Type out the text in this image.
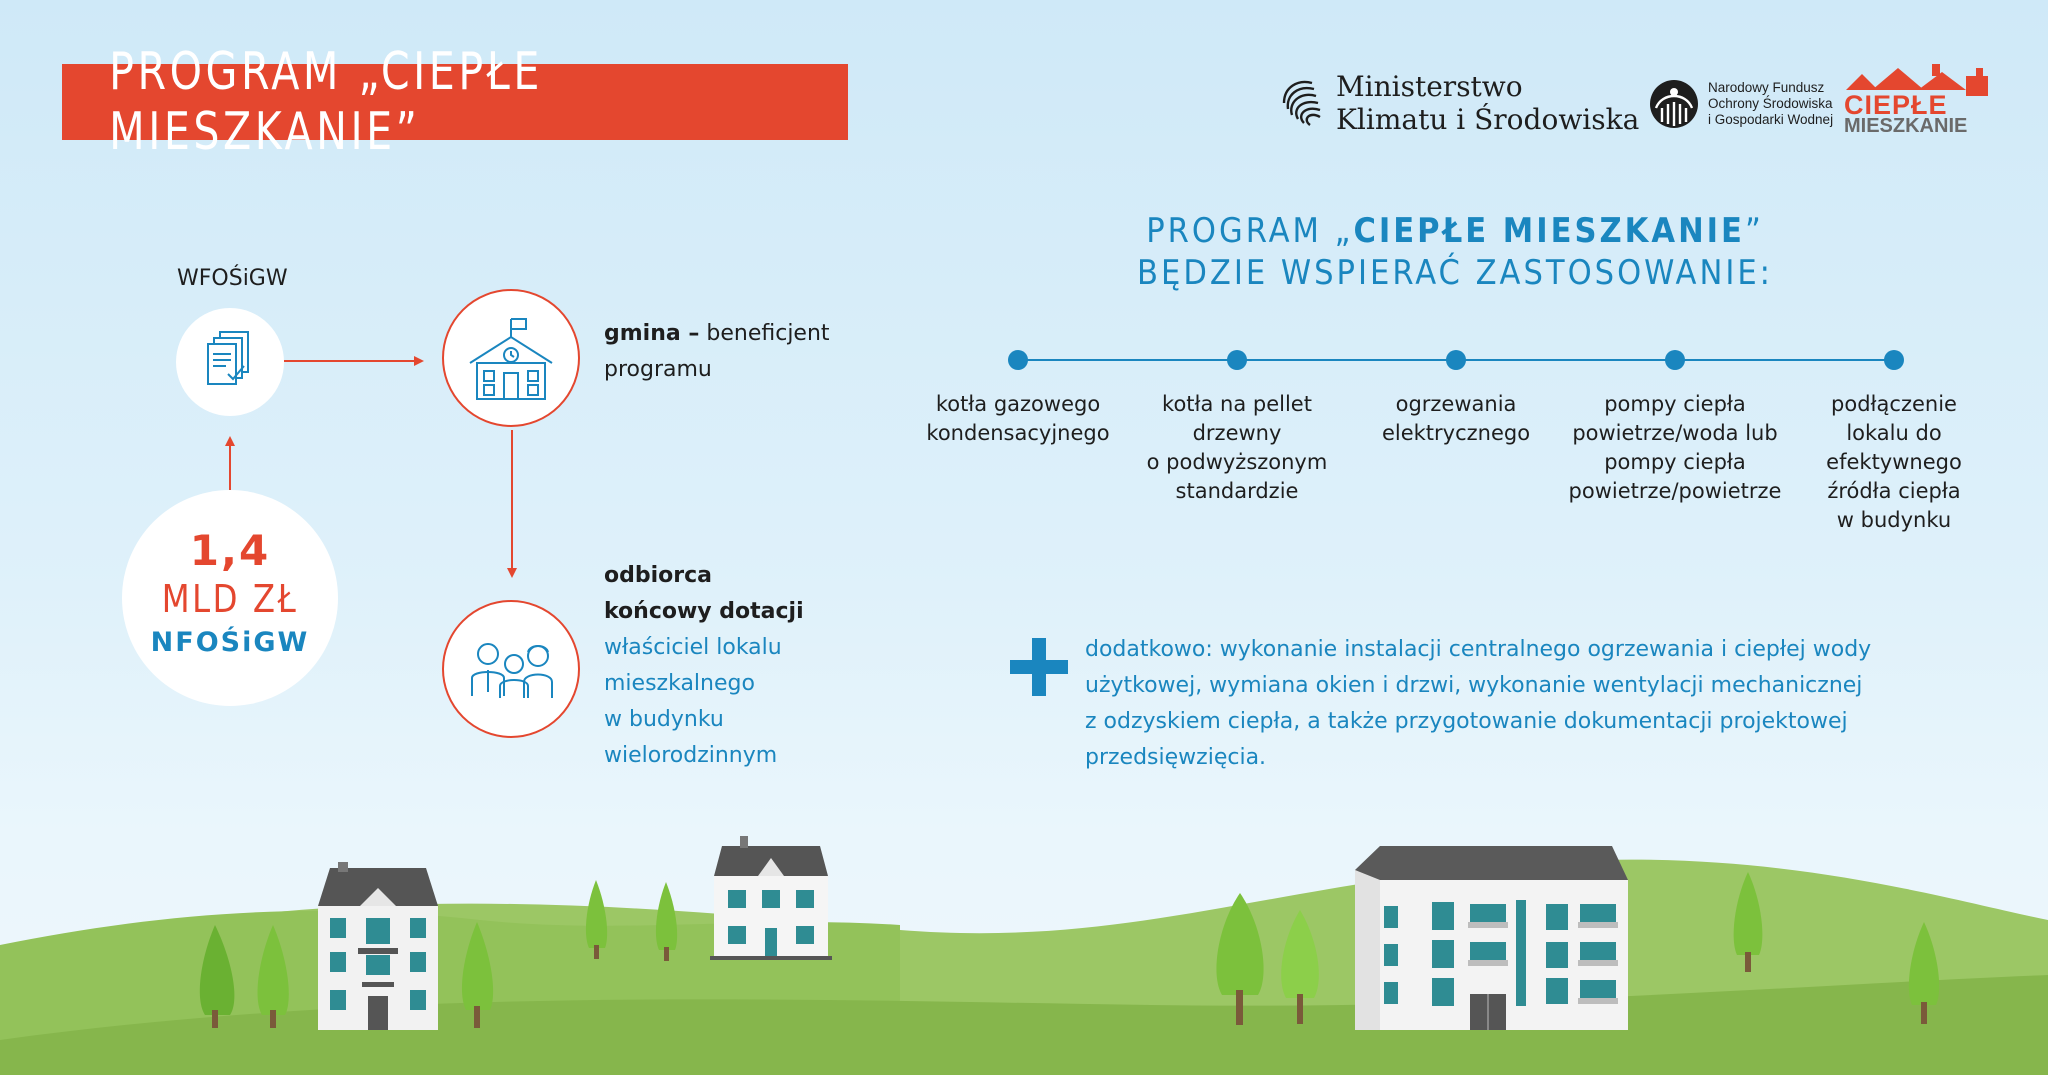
PROGRAM „CIEPŁE MIESZKANIE”
Ministerstwo
Klimatu i Środowiska
Narodowy Fundusz
Ochrony Środowiska
i Gospodarki Wodnej CIEPŁE
MIESZKANIE
WFOŚiGW
1,4
MLD ZŁ
NFOŚiGW
gmina – beneficjent
programu
odbiorca
końcowy dotacji
właściciel lokalu
mieszkalnego
w budynku
wielorodzinnym
PROGRAM „CIEPŁE MIESZKANIE”
BĘDZIE WSPIERAĆ ZASTOSOWANIE:
kotła gazowego
kondensacyjnego
kotła na pellet
drzewny
o podwyższonym
standardzie
ogrzewania
elektrycznego
pompy ciepła
powietrze/woda lub
pompy ciepła
powietrze/powietrze
podłączenie
lokalu do
efektywnego
źródła ciepła
w budynku
dodatkowo: wykonanie instalacji centralnego ogrzewania i ciepłej wody
użytkowej, wymiana okien i drzwi, wykonanie wentylacji mechanicznej
z odzyskiem ciepła, a także przygotowanie dokumentacji projektowej
przedsięwzięcia.
